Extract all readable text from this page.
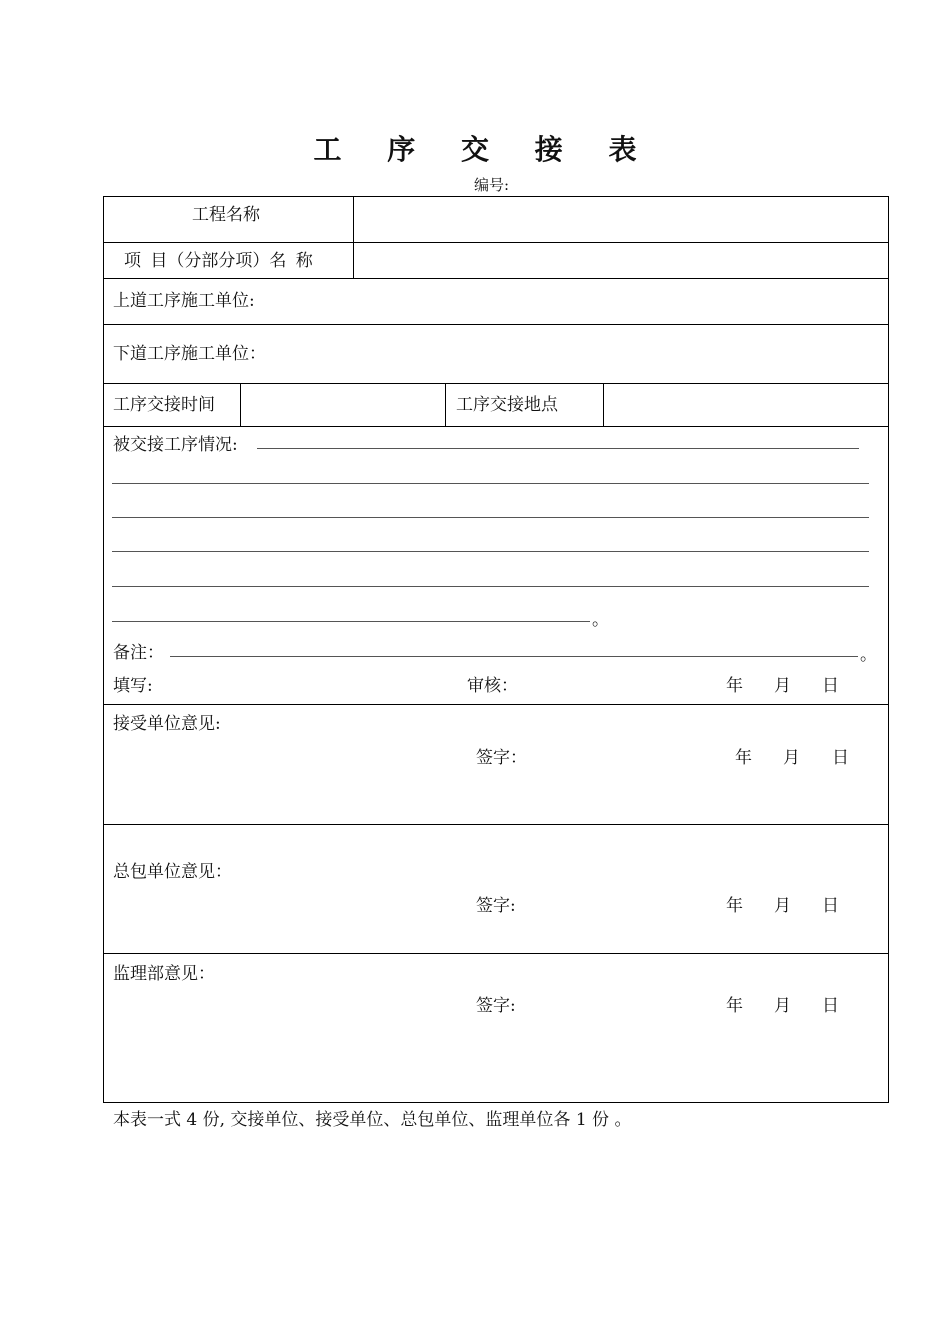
工 序 交 接 表
编号:
工程名称
项 目（分部分项）名 称
上道工序施工单位:
下道工序施工单位：
工序交接时间	工序交接地点
被交接工序情况:
。
备注：	。
填写:	审核：	年 月 日
接受单位意见:
签字：	年 月 日
总包单位意见：
签字:	年 月 日
监理部意见：
签字:	年 月 日
本表一式 4 份, 交接单位、接受单位、总包单位、监理单位各 1 份 。
